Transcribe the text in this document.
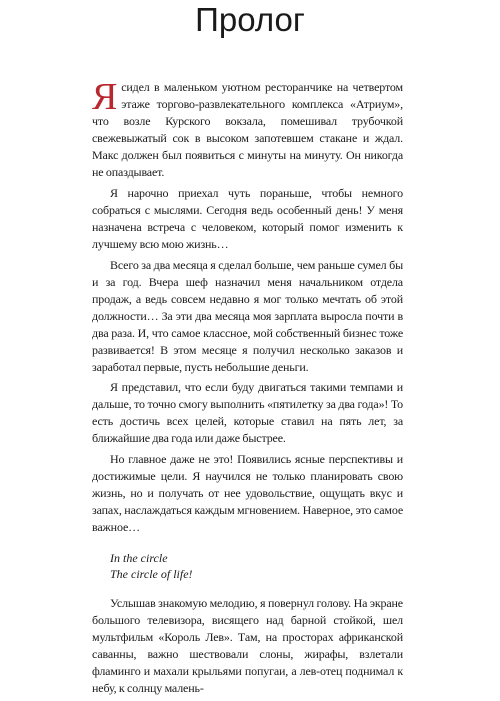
Пролог

Ясидел в маленьком уютном ресторанчике на четвертом этаже торгово-развлекательного комплекса «Атриум», что возле Курского вокзала, помешивал трубочкой свежевыжатый сок в высоком запотевшем стакане и ждал. Макс должен был появиться с минуты на минуту. Он никогда не опаздывает.

Я нарочно приехал чуть пораньше, чтобы немного собраться с мыслями. Сегодня ведь особенный день! У меня назначена встреча с человеком, который помог изменить к лучшему всю мою жизнь…

Всего за два месяца я сделал больше, чем раньше сумел бы и за год. Вчера шеф назначил меня начальником отдела продаж, а ведь совсем недавно я мог только мечтать об этой должности… За эти два месяца моя зарплата выросла почти в два раза. И, что самое классное, мой собственный бизнес тоже развивается! В этом месяце я получил несколько заказов и заработал первые, пусть небольшие деньги.

Я представил, что если буду двигаться такими темпами и дальше, то точно смогу выполнить «пятилетку за два года»! То есть достичь всех целей, которые ставил на пять лет, за ближайшие два года или даже быстрее.

Но главное даже не это! Появились ясные перспективы и достижимые цели. Я научился не только планировать свою жизнь, но и получать от нее удовольствие, ощущать вкус и запах, наслаждаться каждым мгновением. Наверное, это самое важное…

In the circle
The circle of life!

Услышав знакомую мелодию, я повернул голову. На экране большого телевизора, висящего над барной стойкой, шел мультфильм «Король Лев». Там, на просторах африканской саванны, важно шествовали слоны, жирафы, взлетали фламинго и махали крыльями попугаи, а лев-отец поднимал к небу, к солнцу малень-
